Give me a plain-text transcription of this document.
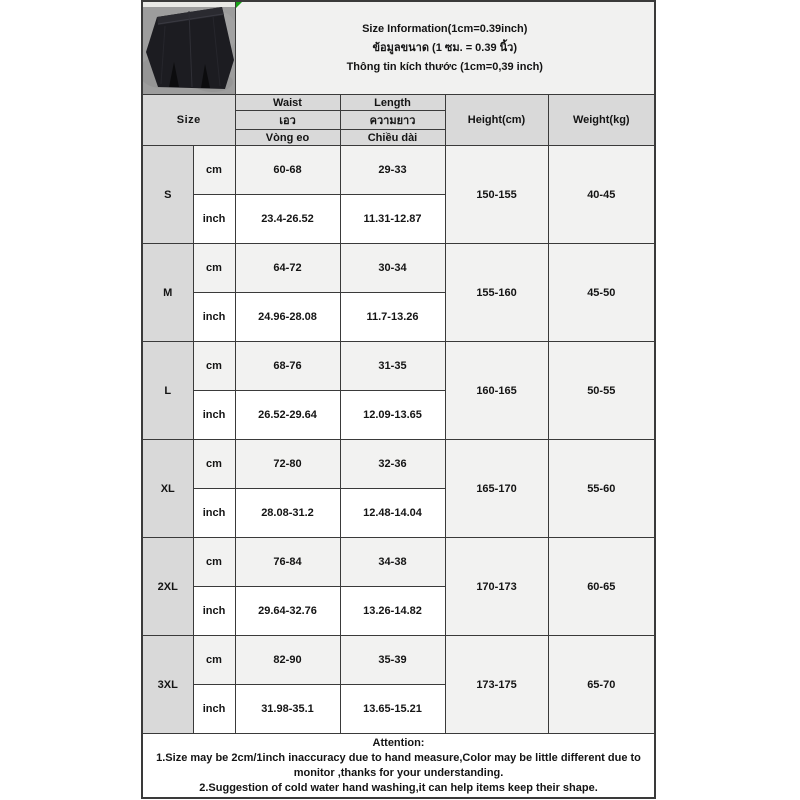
Size Information(1cm=0.39inch)
ข้อมูลขนาด (1 ซม. = 0.39 นิ้ว)
Thông tin kích thước (1cm=0,39 inch)			

Size		Waist	Length	Height(cm)	Weight(kg)
		เอว	ความยาว		
		Vòng eo	Chiều dài		
S	cm	60-68	29-33	150-155	40-45
	inch	23.4-26.52	11.31-12.87		
M	cm	64-72	30-34	155-160	45-50
	inch	24.96-28.08	11.7-13.26		
L	cm	68-76	31-35	160-165	50-55
	inch	26.52-29.64	12.09-13.65		
XL	cm	72-80	32-36	165-170	55-60
	inch	28.08-31.2	12.48-14.04		
2XL	cm	76-84	34-38	170-173	60-65
	inch	29.64-32.76	13.26-14.82		
3XL	cm	82-90	35-39	173-175	65-70
	inch	31.98-35.1	13.65-15.21		

Attention:
1.Size may be 2cm/1inch inaccuracy due to hand measure,Color may be little different due to monitor ,thanks for your understanding.
2.Suggestion of cold water hand washing,it can help items keep their shape.					
